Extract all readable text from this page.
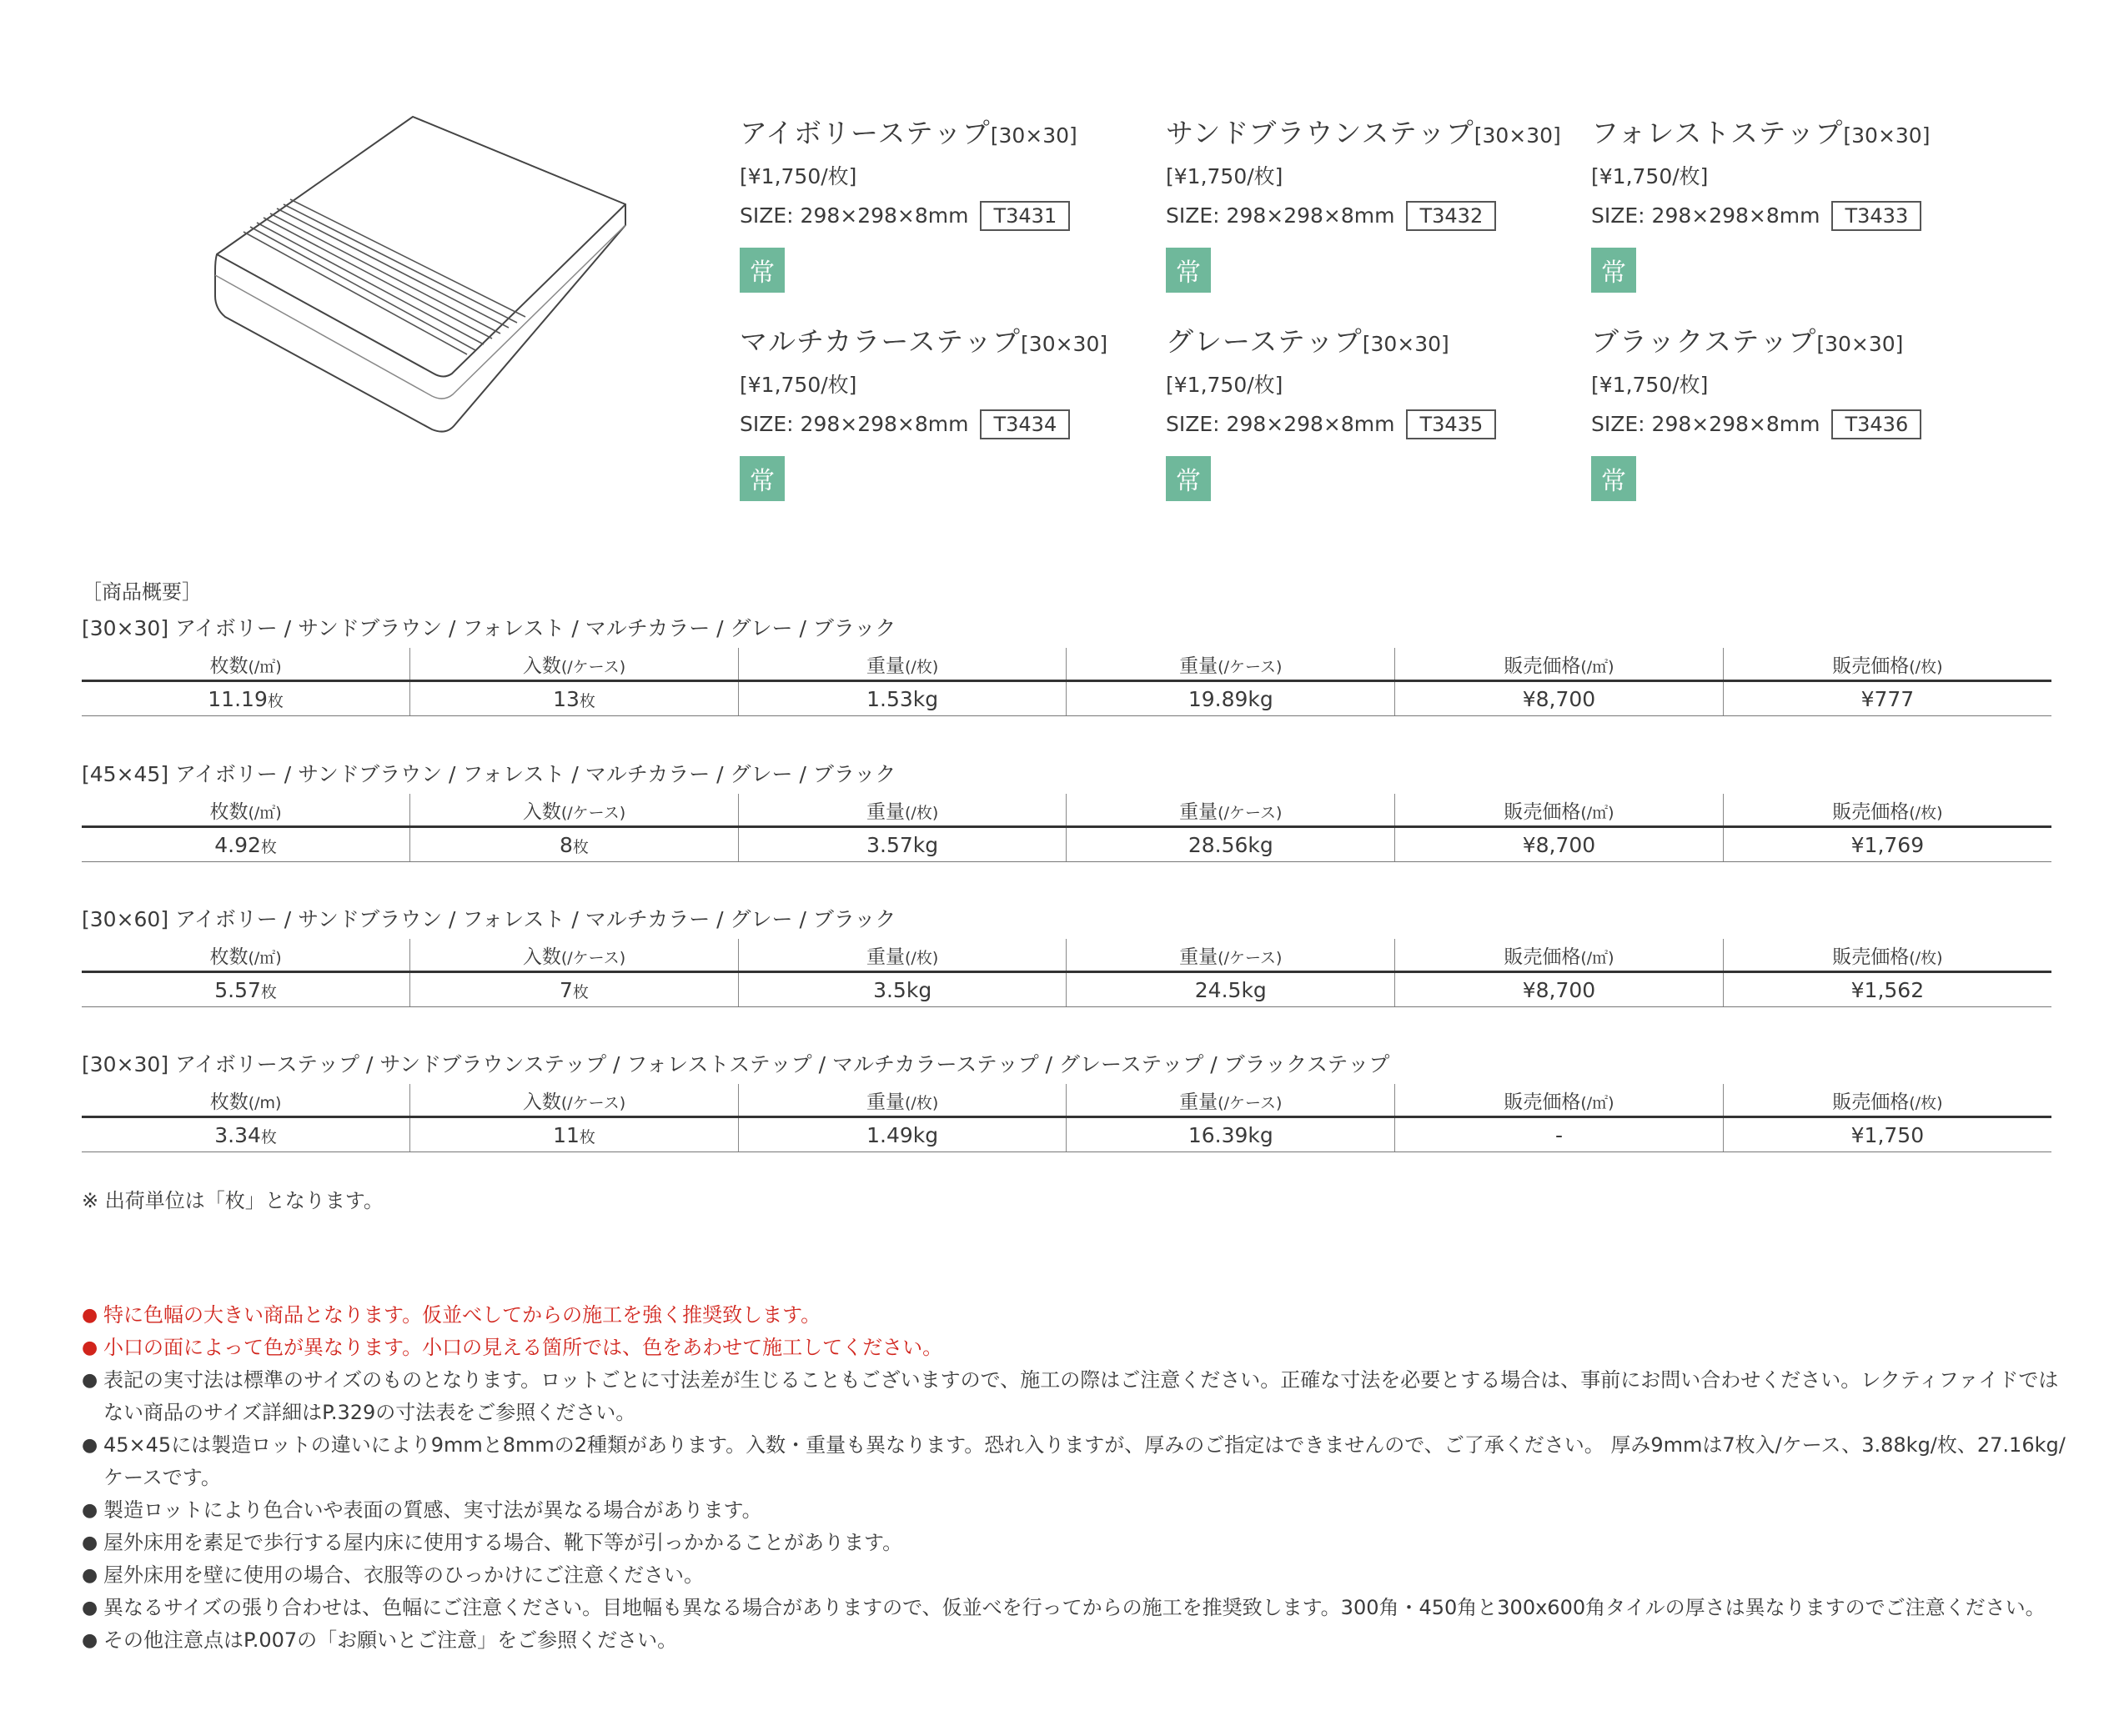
アイボリーステップ[30×30]
[¥1,750/枚]
SIZE: 298×298×8mm	T3431
常
サンドブラウンステップ[30×30]
[¥1,750/枚]
SIZE: 298×298×8mm	T3432
常
フォレストステップ[30×30]
[¥1,750/枚]
SIZE: 298×298×8mm	T3433
常
マルチカラーステップ[30×30]
[¥1,750/枚]
SIZE: 298×298×8mm	T3434
常
グレーステップ[30×30]
[¥1,750/枚]
SIZE: 298×298×8mm	T3435
常
ブラックステップ[30×30]
[¥1,750/枚]
SIZE: 298×298×8mm	T3436
常
［商品概要］
[30×30] アイボリー / サンドブラウン / フォレスト / マルチカラー / グレー / ブラック
枚数(/㎡)	入数(/ケース)	重量(/枚)	重量(/ケース)	販売価格(/㎡)	販売価格(/枚)
11.19枚	13枚	1.53kg	19.89kg	¥8,700	¥777
[45×45] アイボリー / サンドブラウン / フォレスト / マルチカラー / グレー / ブラック
枚数(/㎡)	入数(/ケース)	重量(/枚)	重量(/ケース)	販売価格(/㎡)	販売価格(/枚)
4.92枚	8枚	3.57kg	28.56kg	¥8,700	¥1,769
[30×60] アイボリー / サンドブラウン / フォレスト / マルチカラー / グレー / ブラック
枚数(/㎡)	入数(/ケース)	重量(/枚)	重量(/ケース)	販売価格(/㎡)	販売価格(/枚)
5.57枚	7枚	3.5kg	24.5kg	¥8,700	¥1,562
[30×30] アイボリーステップ / サンドブラウンステップ / フォレストステップ / マルチカラーステップ / グレーステップ / ブラックステップ
枚数(/m)	入数(/ケース)	重量(/枚)	重量(/ケース)	販売価格(/㎡)	販売価格(/枚)
3.34枚	11枚	1.49kg	16.39kg	-	¥1,750
※ 出荷単位は「枚」となります。
● 特に色幅の大きい商品となります。仮並べしてからの施工を強く推奨致します。
● 小口の面によって色が異なります。小口の見える箇所では、色をあわせて施工してください。
● 表記の実寸法は標準のサイズのものとなります。ロットごとに寸法差が生じることもございますので、施工の際はご注意ください。正確な寸法を必要とする場合は、事前にお問い合わせください。レクティファイドではない商品のサイズ詳細はP.329の寸法表をご参照ください。
● 45×45には製造ロットの違いにより9mmと8mmの2種類があります。入数・重量も異なります。恐れ入りますが、厚みのご指定はできませんので、ご了承ください。 厚み9mmは7枚入/ケース、3.88kg/枚、27.16kg/ケースです。
● 製造ロットにより色合いや表面の質感、実寸法が異なる場合があります。
● 屋外床用を素足で歩行する屋内床に使用する場合、靴下等が引っかかることがあります。
● 屋外床用を壁に使用の場合、衣服等のひっかけにご注意ください。
● 異なるサイズの張り合わせは、色幅にご注意ください。目地幅も異なる場合がありますので、仮並べを行ってからの施工を推奨致します。300角・450角と300x600角タイルの厚さは異なりますのでご注意ください。
● その他注意点はP.007の「お願いとご注意」をご参照ください。
